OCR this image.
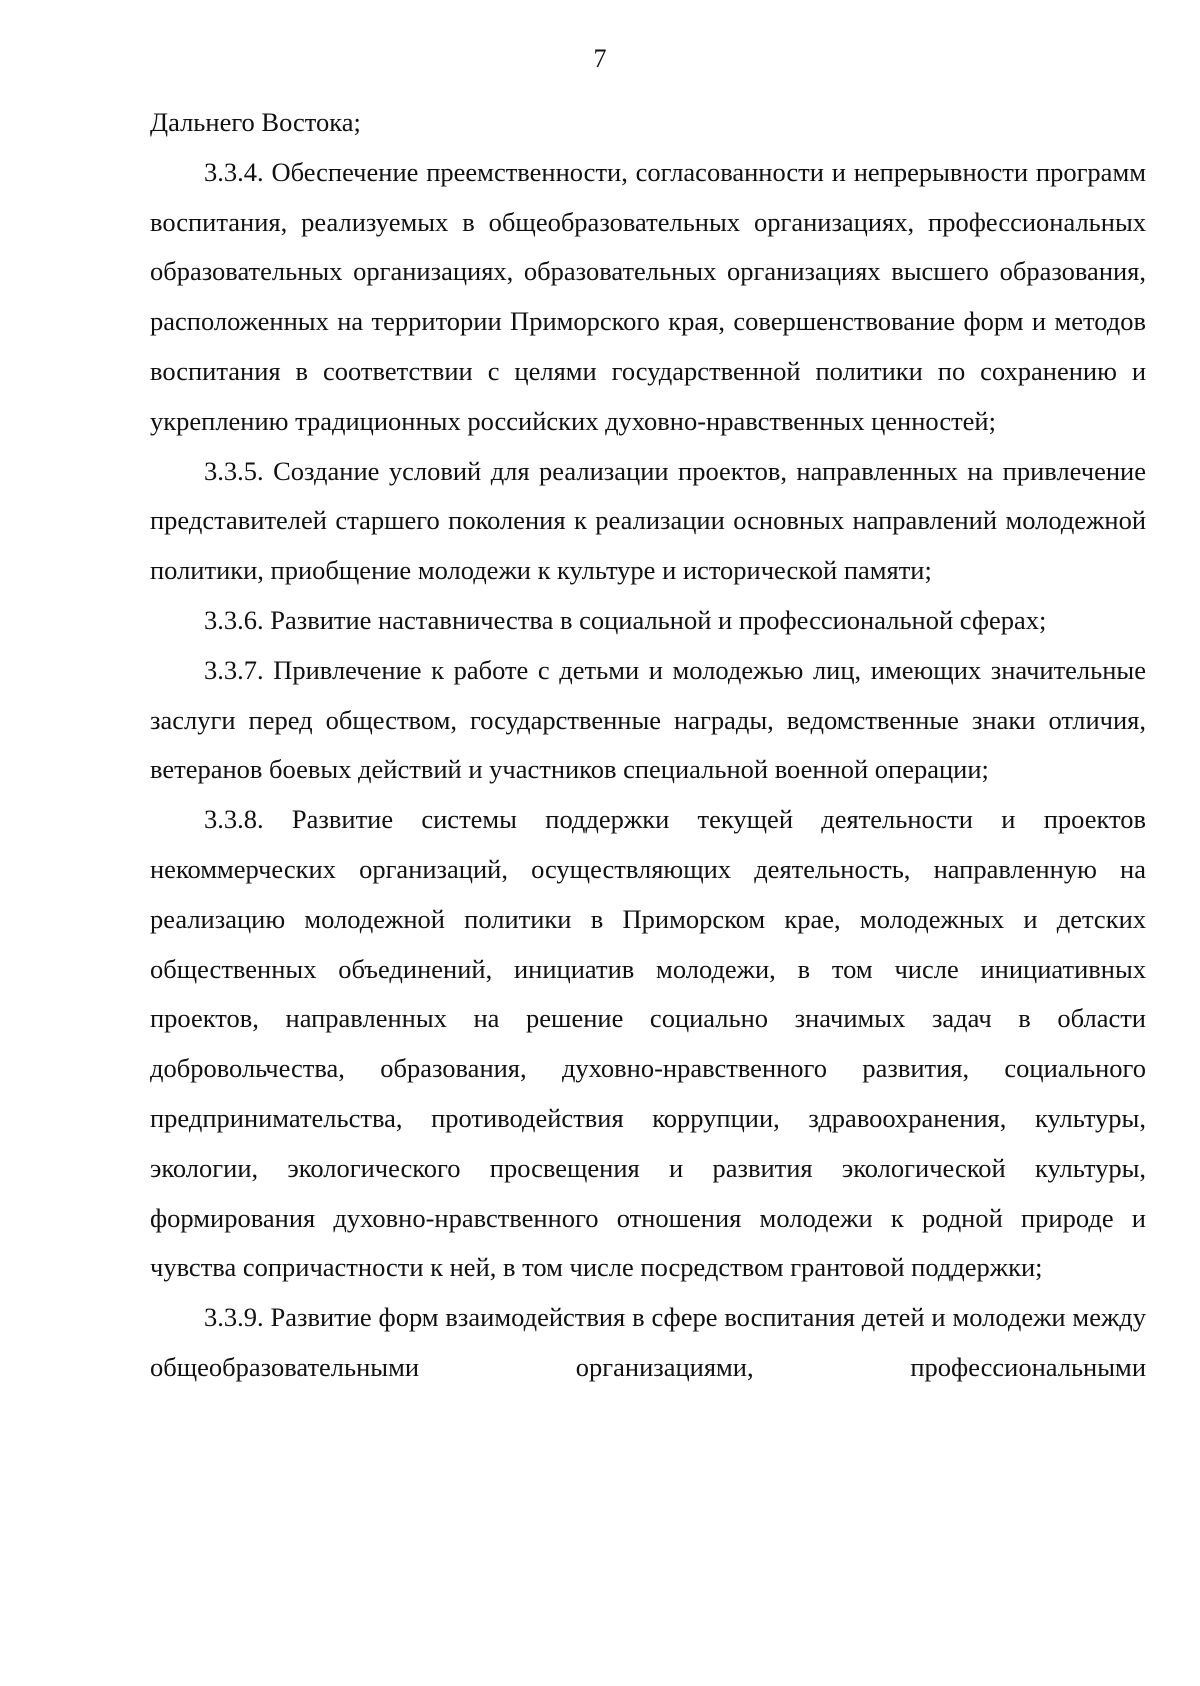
7

Дальнего Востока;

3.3.4. Обеспечение преемственности, согласованности и непрерывности программ воспитания, реализуемых в общеобразовательных организациях, профессиональных образовательных организациях, образовательных организациях высшего образования, расположенных на территории Приморского края, совершенствование форм и методов воспитания в соответствии с целями государственной политики по сохранению и укреплению традиционных российских духовно-нравственных ценностей;

3.3.5. Создание условий для реализации проектов, направленных на привлечение представителей старшего поколения к реализации основных направлений молодежной политики, приобщение молодежи к культуре и исторической памяти;

3.3.6. Развитие наставничества в социальной и профессиональной сферах;

3.3.7. Привлечение к работе с детьми и молодежью лиц, имеющих значительные заслуги перед обществом, государственные награды, ведомственные знаки отличия, ветеранов боевых действий и участников специальной военной операции;

3.3.8. Развитие системы поддержки текущей деятельности и проектов некоммерческих организаций, осуществляющих деятельность, направленную на реализацию молодежной политики в Приморском крае, молодежных и детских общественных объединений, инициатив молодежи, в том числе инициативных проектов, направленных на решение социально значимых задач в области добровольчества, образования, духовно-нравственного развития, социального предпринимательства, противодействия коррупции, здравоохранения, культуры, экологии, экологического просвещения и развития экологической культуры, формирования духовно-нравственного отношения молодежи к родной природе и чувства сопричастности к ней, в том числе посредством грантовой поддержки;

3.3.9. Развитие форм взаимодействия в сфере воспитания детей и молодежи между общеобразовательными организациями, профессиональными
